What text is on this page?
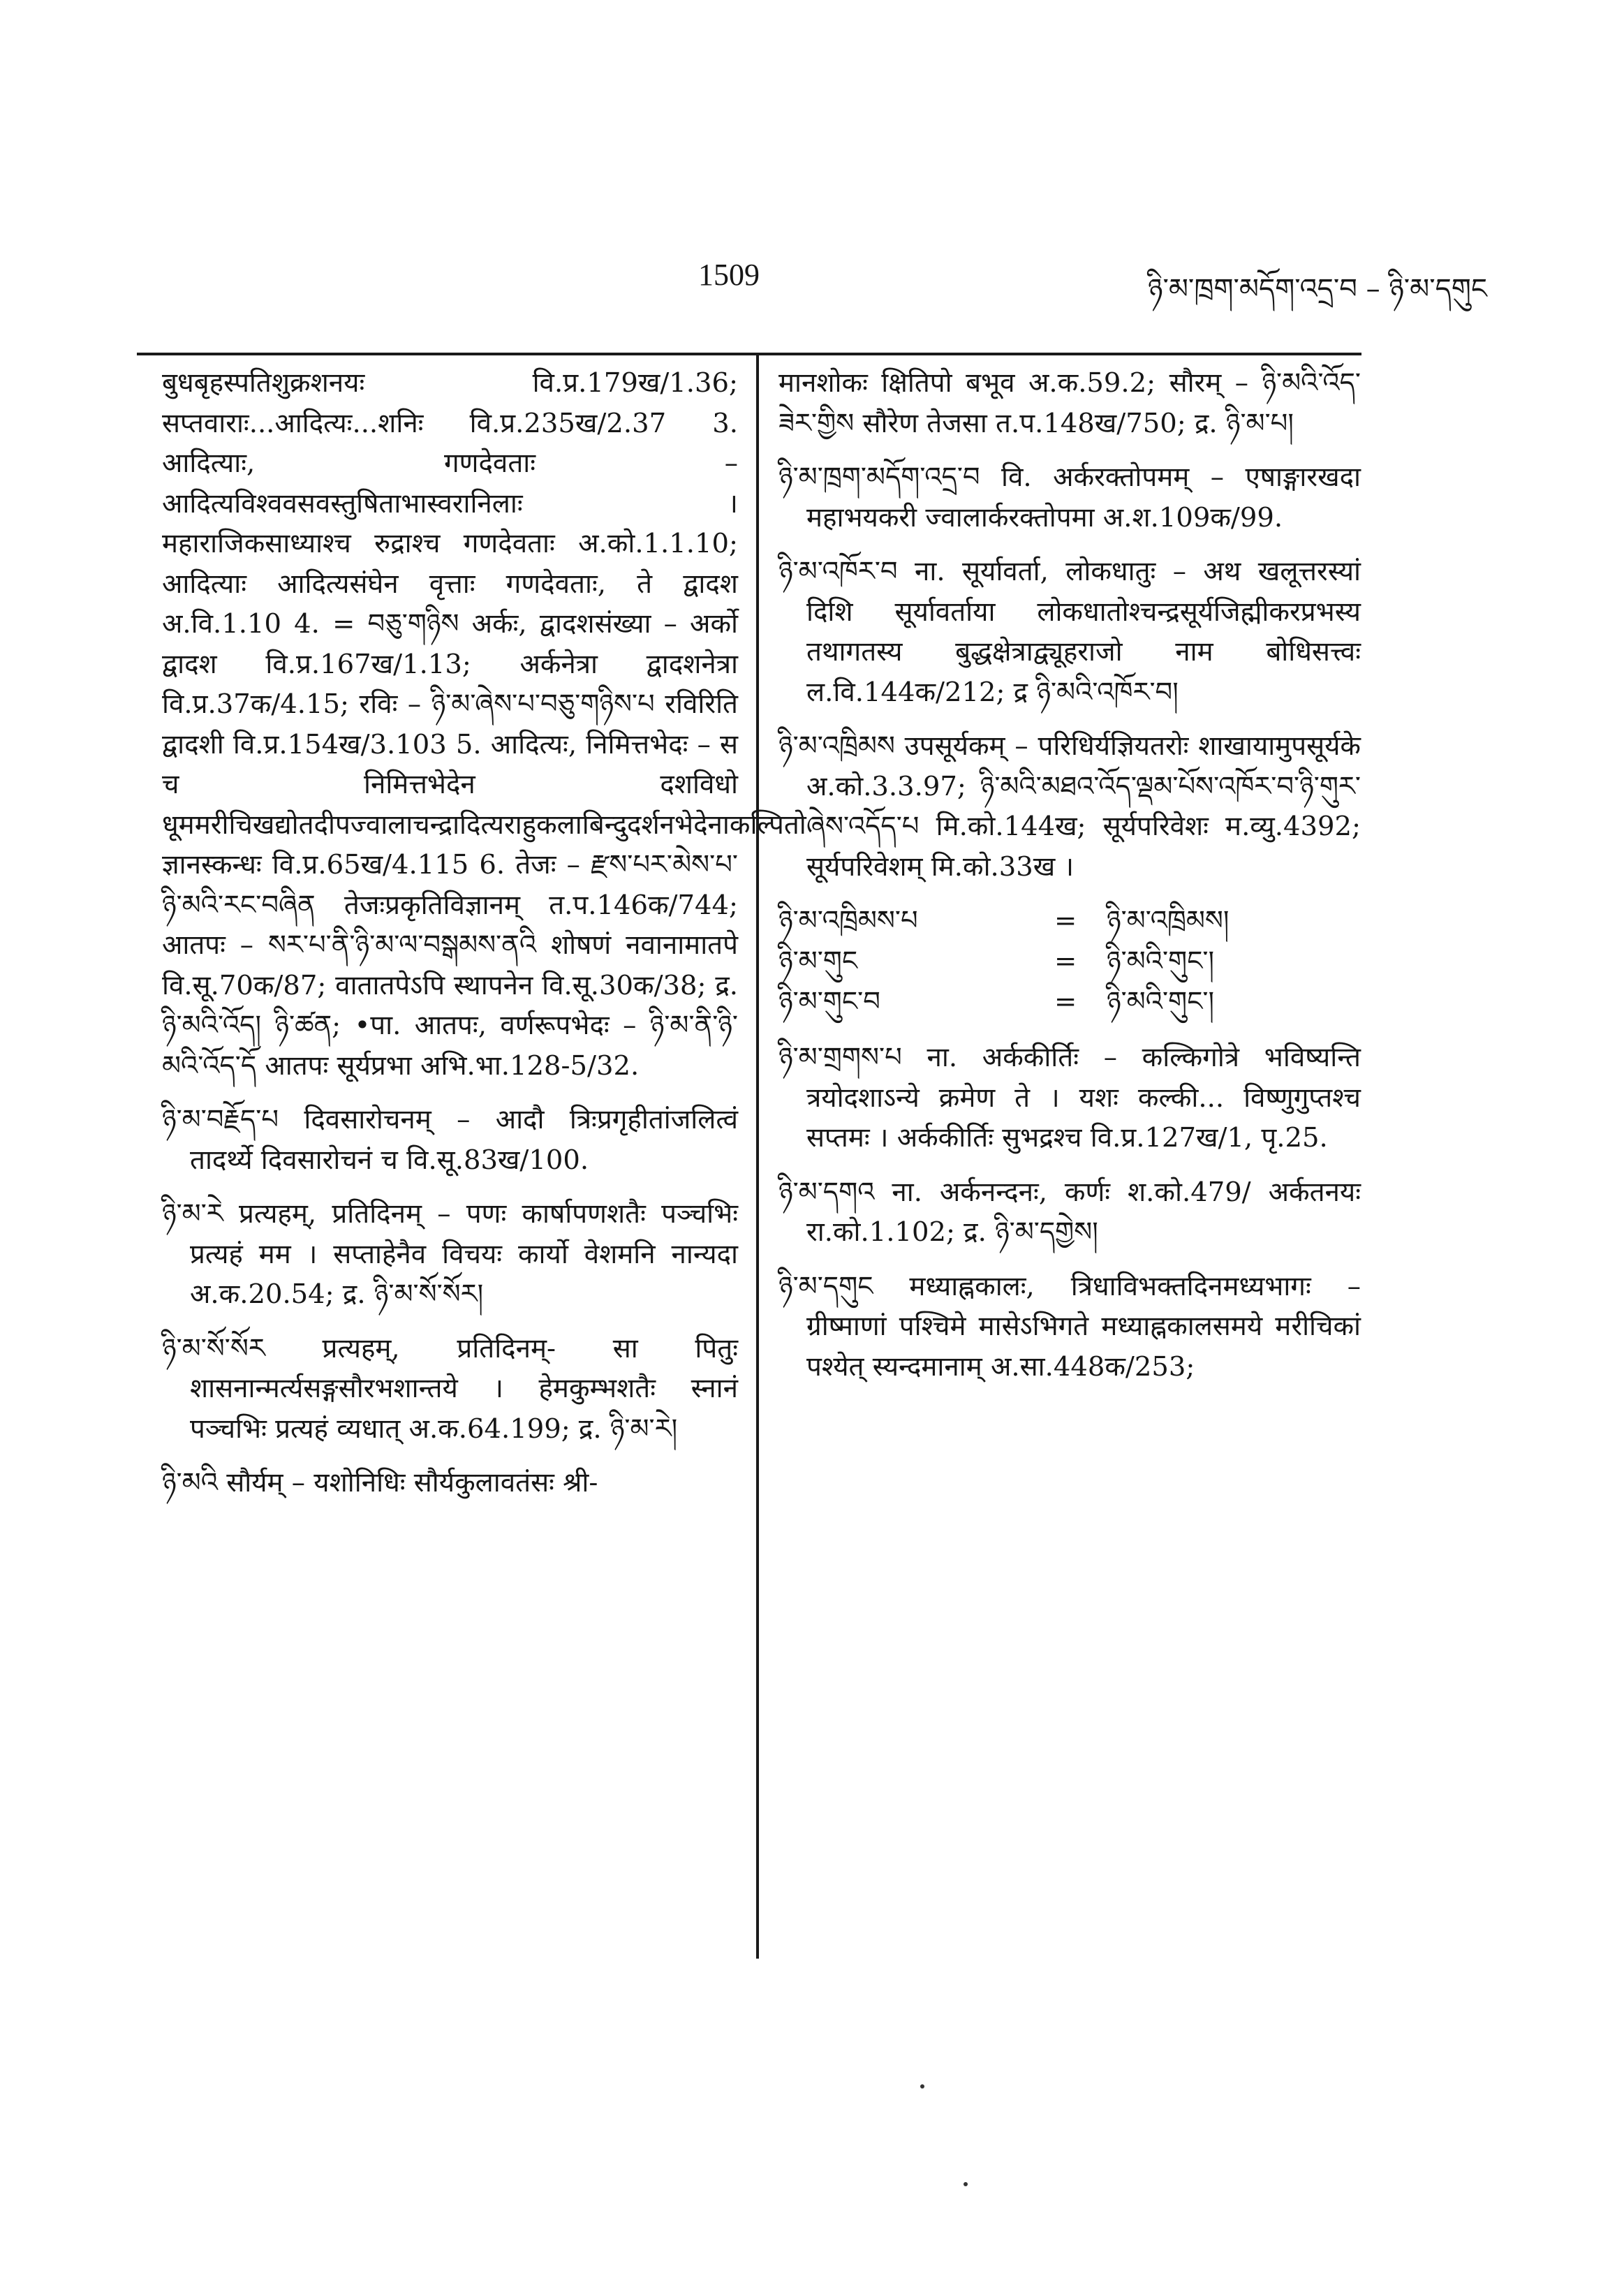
1509	ཉི་མ་ཁྲག་མདོག་འདྲ་བ – ཉི་མ་དགུང

बुधबृहस्पतिशुक्रशनयः वि.प्र.179ख/1.36; सप्तवाराः...आदित्यः...शनिः वि.प्र.235ख/2.37 3. आदित्याः, गणदेवताः – आदित्यविश्ववसवस्तुषिताभास्वरानिलाः । महाराजिकसाध्याश्च रुद्राश्च गणदेवताः अ.को.1.1.10; आदित्याः आदित्यसंघेन वृत्ताः गणदेवताः, ते द्वादश अ.वि.1.10 4. = བཅུ་གཉིས अर्कः, द्वादशसंख्या – अर्को द्वादश वि.प्र.167ख/1.13; अर्कनेत्रा द्वादशनेत्रा वि.प्र.37क/4.15; रविः – ཉི་མ་ཞེས་པ་བཅུ་གཉིས་པ रविरिति द्वादशी वि.प्र.154ख/3.103 5. आदित्यः, निमित्तभेदः – स च निमित्तभेदेन दशविधो धूममरीचिखद्योतदीपज्वालाचन्द्रादित्यराहुकलाबिन्दुदर्शनभेदेनाकल्पितो ज्ञानस्कन्धः वि.प्र.65ख/4.115 6. तेजः – རྫས་པར་མེས་པ་ཉི་མའི་རང་བཞིན तेजःप्रकृतिविज्ञानम् त.प.146क/744; आतपः – སར་པ་ནི་ཉི་མ་ལ་བསྒམས་ནའི शोषणं नवानामातपे वि.सू.70क/87; वातातपेऽपि स्थापनेन वि.सू.30क/38; द्र. ཉི་མའི་འོད། ཉི་ཚན; •पा. आतपः, वर्णरूपभेदः – ཉི་མ་ནི་ཉི་མའི་འོད་དོ आतपः सूर्यप्रभा अभि.भा.128-5/32.

ཉི་མ་བརྗོད་པ दिवसारोचनम् – आदौ त्रिःप्रगृहीतांजलित्वं तादर्थ्ये दिवसारोचनं च वि.सू.83ख/100.

ཉི་མ་རེ प्रत्यहम्, प्रतिदिनम् – पणः कार्षापणशतैः पञ्चभिः प्रत्यहं मम । सप्ताहेनैव विचयः कार्यो वेशमनि नान्यदा अ.क.20.54; द्र. ཉི་མ་སོ་སོར།

ཉི་མ་སོ་སོར प्रत्यहम्, प्रतिदिनम्- सा पितुः शासनान्मर्त्यसङ्गसौरभशान्तये । हेमकुम्भशतैः स्नानं पञ्चभिः प्रत्यहं व्यधात् अ.क.64.199; द्र. ཉི་མ་རེ།

ཉི་མའི सौर्यम् – यशोनिधिः सौर्यकुलावतंसः श्री-

मानशोकः क्षितिपो बभूव अ.क.59.2; सौरम् – ཉི་མའི་འོད་ཟེར་གྱིས सौरेण तेजसा त.प.148ख/750; द्र. ཉི་མ་པ།

ཉི་མ་ཁྲག་མདོག་འདྲ་བ वि. अर्करक्तोपमम् – एषाङ्गारखदा महाभयकरी ज्वालार्करक्तोपमा अ.श.109क/99.

ཉི་མ་འཁོར་བ ना. सूर्यावर्ता, लोकधातुः – अथ खलूत्तरस्यां दिशि सूर्यावर्ताया लोकधातोश्चन्द्रसूर्यजिह्मीकरप्रभस्य तथागतस्य बुद्धक्षेत्राद्व्यूहराजो नाम बोधिसत्त्वः ल.वि.144क/212; द्र ཉི་མའི་འཁོར་བ།

ཉི་མ་འཁྲིམས उपसूर्यकम् – परिधिर्यज्ञियतरोः शाखायामुपसूर्यके अ.को.3.3.97; ཉི་མའི་མཐའ་འོད་ལྡམ་པོས་འཁོར་བ་ཉི་གུར་ཞེས་འདོད་པ मि.को.144ख; सूर्यपरिवेशः म.व्यु.4392; सूर्यपरिवेशम् मि.को.33ख ।

ཉི་མ་འཁྲིམས་པ	=	ཉི་མ་འཁྲིམས།
ཉི་མ་གུང	=	ཉི་མའི་གུང་།
ཉི་མ་གུང་བ	=	ཉི་མའི་གུང་།

ཉི་མ་གྲགས་པ ना. अर्ककीर्तिः – कल्किगोत्रे भविष्यन्ति त्रयोदशाऽन्ये क्रमेण ते । यशः कल्की... विष्णुगुप्तश्च सप्तमः । अर्ककीर्तिः सुभद्रश्च वि.प्र.127ख/1, पृ.25.

ཉི་མ་དགའ ना. अर्कनन्दनः, कर्णः श.को.479/ अर्कतनयः रा.को.1.102; द्र. ཉི་མ་དགྱེས།

ཉི་མ་དགུང मध्याह्नकालः, त्रिधाविभक्तदिनमध्यभागः – ग्रीष्माणां पश्चिमे मासेऽभिगते मध्याह्नकालसमये मरीचिकां पश्येत् स्यन्दमानाम् अ.सा.448क/253;
